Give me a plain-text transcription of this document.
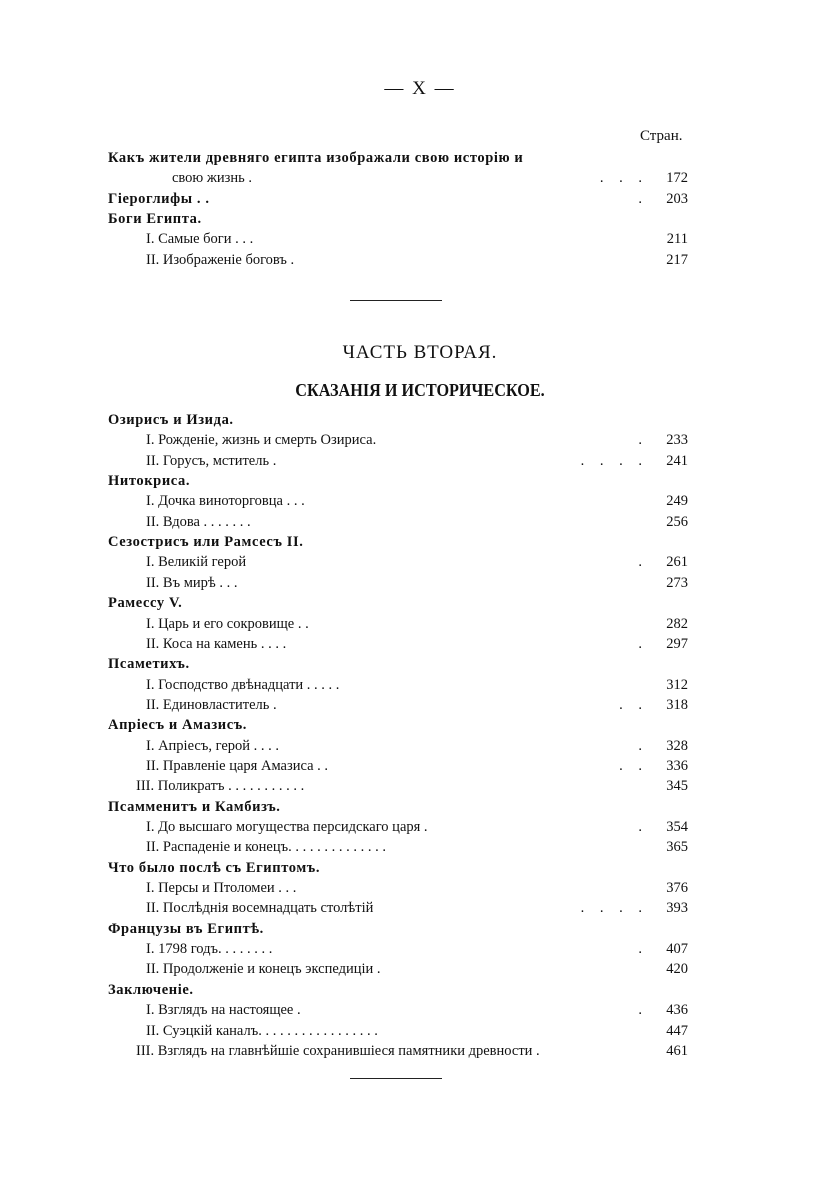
— X —
Стран.
Какъ жители древняго египта изображали свою исторію и
свою жизнь .	. . . 172
Гіероглифы . .	. 203
Боги Египта.
I. Самые боги . . .	211
II. Изображеніе боговъ .	217
ЧАСТЬ ВТОРАЯ.
СКАЗАНІЯ И ИСТОРИЧЕСКОЕ.
Озирисъ и Изида.
I. Рожденіе, жизнь и смерть Озириса.	. 233
II. Горусъ, мститель .	. . . . 241
Нитокриса.
I. Дочка виноторговца . . .	249
II. Вдова . . . . . . .	256
Сезострисъ или Рамсесъ II.
I. Великій герой	. 261
II. Въ мирѣ . . .	273
Рамессу V.
I. Царь и его сокровище . .	282
II. Коса на камень . . . .	. 297
Псаметихъ.
I. Господство двѣнадцати . . . . .	312
II. Единовластитель .	. . 318
Апріесъ и Амазисъ.
I. Апріесъ, герой . . . .	. 328
II. Правленіе царя Амазиса . .	. . 336
III. Поликратъ . . . . . . . . . . .	345
Псамменитъ и Камбизъ.
I. До высшаго могущества персидскаго царя .	. 354
II. Распаденіе и конецъ. . . . . . . . . . . . . .	365
Что было послѣ съ Египтомъ.
I. Персы и Птоломеи . . .	376
II. Послѣднія восемнадцать столѣтій	. . . . 393
Французы въ Египтѣ.
I. 1798 годъ. . . . . . . .	. 407
II. Продолженіе и конецъ экспедиціи .	420
Заключеніе.
I. Взглядъ на настоящее .	. 436
II. Суэцкій каналъ. . . . . . . . . . . . . . . . .	447
III. Взглядъ на главнѣйшіе сохранившіеся памятники древности .	461
